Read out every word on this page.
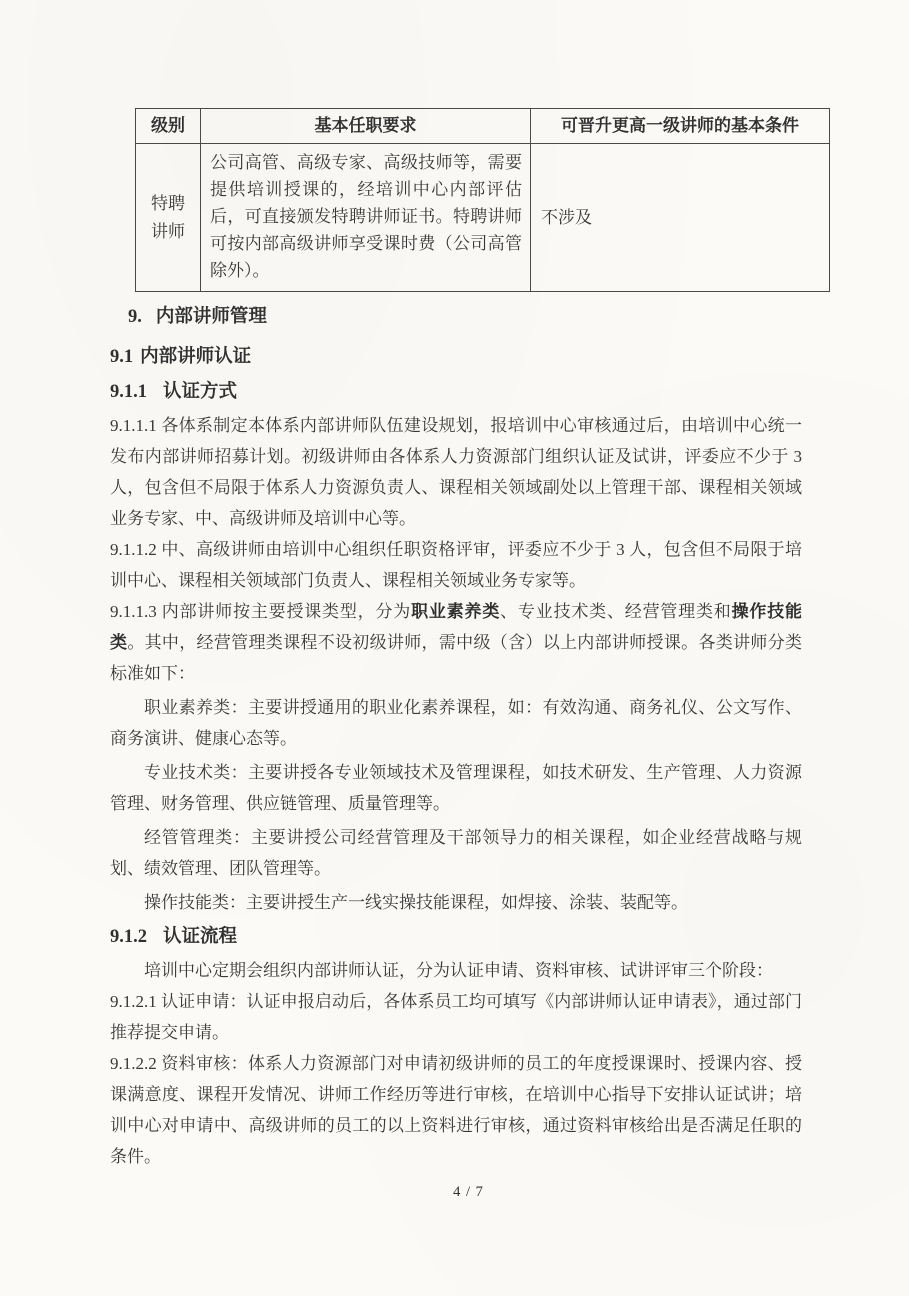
级别	基本任职要求	可晋升更高一级讲师的基本条件
特聘讲师	公司高管、高级专家、高级技师等，需要提供培训授课的，经培训中心内部评估后，可直接颁发特聘讲师证书。特聘讲师可按内部高级讲师享受课时费（公司高管除外）。	不涉及
9. 内部讲师管理
9.1 内部讲师认证
9.1.1 认证方式

9.1.1.1 各体系制定本体系内部讲师队伍建设规划，报培训中心审核通过后，由培训中心统一发布内部讲师招募计划。初级讲师由各体系人力资源部门组织认证及试讲，评委应不少于 3 人，包含但不局限于体系人力资源负责人、课程相关领域副处以上管理干部、课程相关领域业务专家、中、高级讲师及培训中心等。

9.1.1.2 中、高级讲师由培训中心组织任职资格评审，评委应不少于 3 人，包含但不局限于培训中心、课程相关领域部门负责人、课程相关领域业务专家等。

9.1.1.3 内部讲师按主要授课类型，分为职业素养类、专业技术类、经营管理类和操作技能类。其中，经营管理类课程不设初级讲师，需中级（含）以上内部讲师授课。各类讲师分类标准如下：

职业素养类：主要讲授通用的职业化素养课程，如：有效沟通、商务礼仪、公文写作、商务演讲、健康心态等。

专业技术类：主要讲授各专业领域技术及管理课程，如技术研发、生产管理、人力资源管理、财务管理、供应链管理、质量管理等。

经管管理类：主要讲授公司经营管理及干部领导力的相关课程，如企业经营战略与规划、绩效管理、团队管理等。

操作技能类：主要讲授生产一线实操技能课程，如焊接、涂装、装配等。

9.1.2 认证流程

培训中心定期会组织内部讲师认证，分为认证申请、资料审核、试讲评审三个阶段：

9.1.2.1 认证申请：认证申报启动后，各体系员工均可填写《内部讲师认证申请表》，通过部门推荐提交申请。

9.1.2.2 资料审核：体系人力资源部门对申请初级讲师的员工的年度授课课时、授课内容、授课满意度、课程开发情况、讲师工作经历等进行审核，在培训中心指导下安排认证试讲；培训中心对申请中、高级讲师的员工的以上资料进行审核，通过资料审核给出是否满足任职的条件。

4 / 7
